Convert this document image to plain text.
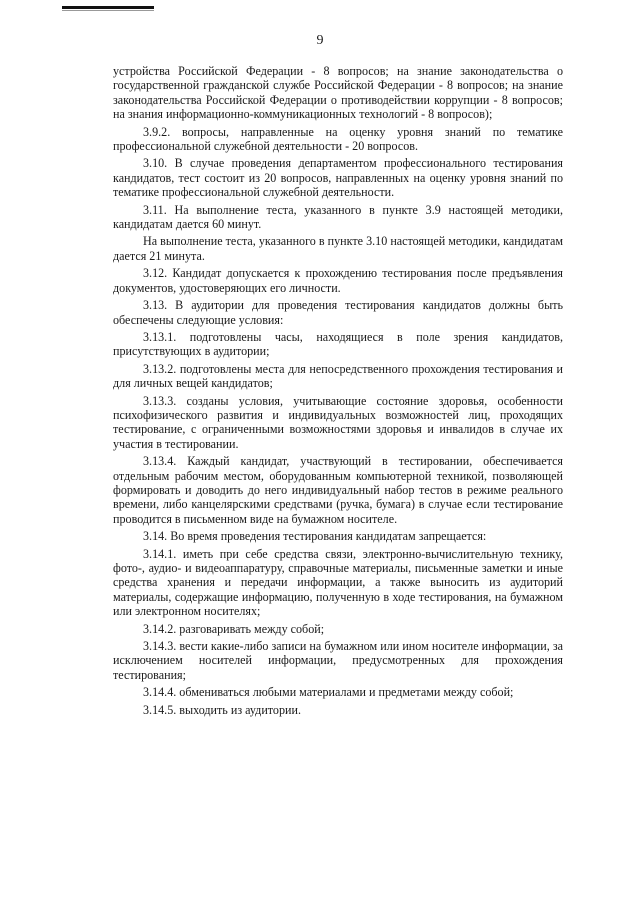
9

устройства Российской Федерации - 8 вопросов; на знание законодательства о государственной гражданской службе Российской Федерации - 8 вопросов; на знание законодательства Российской Федерации о противодействии коррупции - 8 вопросов; на знания информационно-коммуникационных технологий - 8 вопросов);

3.9.2. вопросы, направленные на оценку уровня знаний по тематике профессиональной служебной деятельности - 20 вопросов.

3.10. В случае проведения департаментом профессионального тестирования кандидатов, тест состоит из 20 вопросов, направленных на оценку уровня знаний по тематике профессиональной служебной деятельности.

3.11. На выполнение теста, указанного в пункте 3.9 настоящей методики, кандидатам дается 60 минут.

На выполнение теста, указанного в пункте 3.10 настоящей методики, кандидатам дается 21 минута.

3.12. Кандидат допускается к прохождению тестирования после предъявления документов, удостоверяющих его личности.

3.13. В аудитории для проведения тестирования кандидатов должны быть обеспечены следующие условия:

3.13.1. подготовлены часы, находящиеся в поле зрения кандидатов, присутствующих в аудитории;

3.13.2. подготовлены места для непосредственного прохождения тестирования и для личных вещей кандидатов;

3.13.3. созданы условия, учитывающие состояние здоровья, особенности психофизического развития и индивидуальных возможностей лиц, проходящих тестирование, с ограниченными возможностями здоровья и инвалидов в случае их участия в тестировании.

3.13.4. Каждый кандидат, участвующий в тестировании, обеспечивается отдельным рабочим местом, оборудованным компьютерной техникой, позволяющей формировать и доводить до него индивидуальный набор тестов в режиме реального времени, либо канцелярскими средствами (ручка, бумага) в случае если тестирование проводится в письменном виде на бумажном носителе.

3.14. Во время проведения тестирования кандидатам запрещается:

3.14.1. иметь при себе средства связи, электронно-вычислительную технику, фото-, аудио- и видеоаппаратуру, справочные материалы, письменные заметки и иные средства хранения и передачи информации, а также выносить из аудиторий материалы, содержащие информацию, полученную в ходе тестирования, на бумажном или электронном носителях;

3.14.2. разговаривать между собой;

3.14.3. вести какие-либо записи на бумажном или ином носителе информации, за исключением носителей информации, предусмотренных для прохождения тестирования;

3.14.4. обмениваться любыми материалами и предметами между собой;

3.14.5. выходить из аудитории.
